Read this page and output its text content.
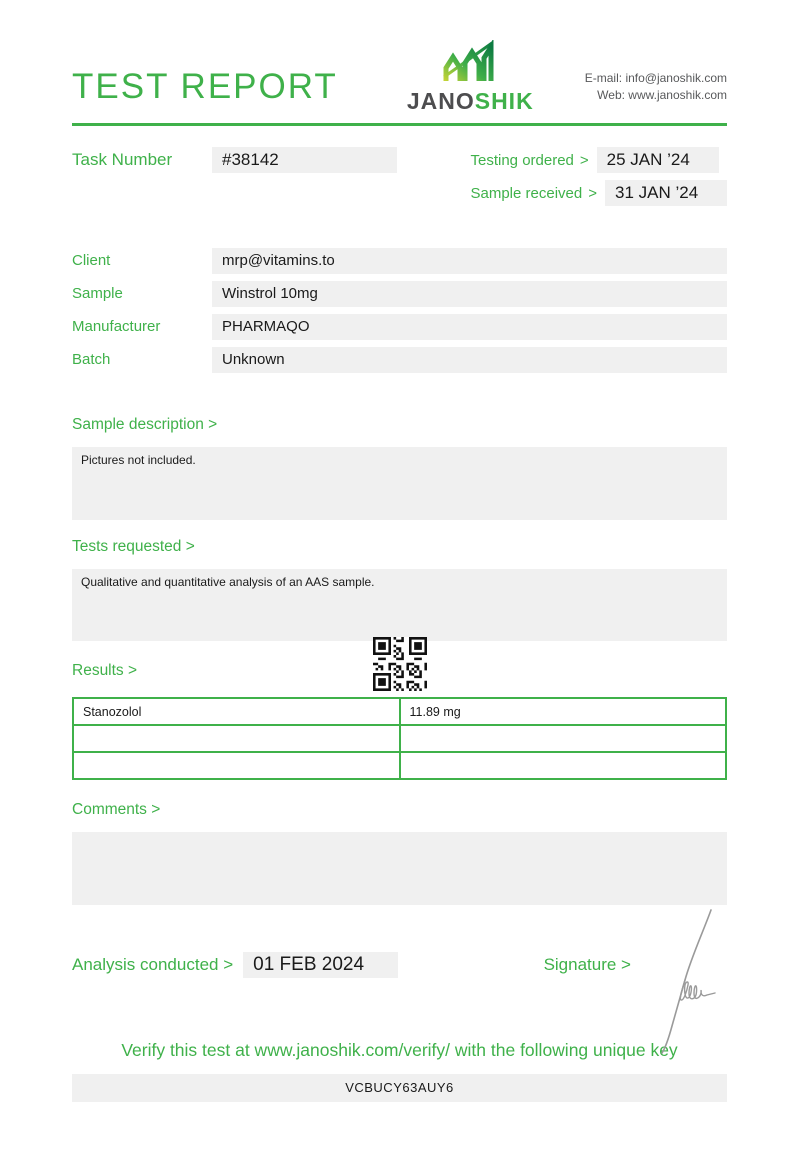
TEST REPORT	JANOSHIK
E-mail: info@janoshik.com
Web: www.janoshik.com
Task Number	#38142	Testing ordered >	25 JAN ’24
Sample received >	31 JAN ’24
Client	mrp@vitamins.to
Sample	Winstrol 10mg
Manufacturer	PHARMAQO
Batch	Unknown
Sample description >
Pictures not included.
Tests requested >
Qualitative and quantitative analysis of an AAS sample.
Results >
Stanozolol	11.89 mg

Comments >
Analysis conducted >	01 FEB 2024	Signature >
Verify this test at www.janoshik.com/verify/ with the following unique key
VCBUCY63AUY6
